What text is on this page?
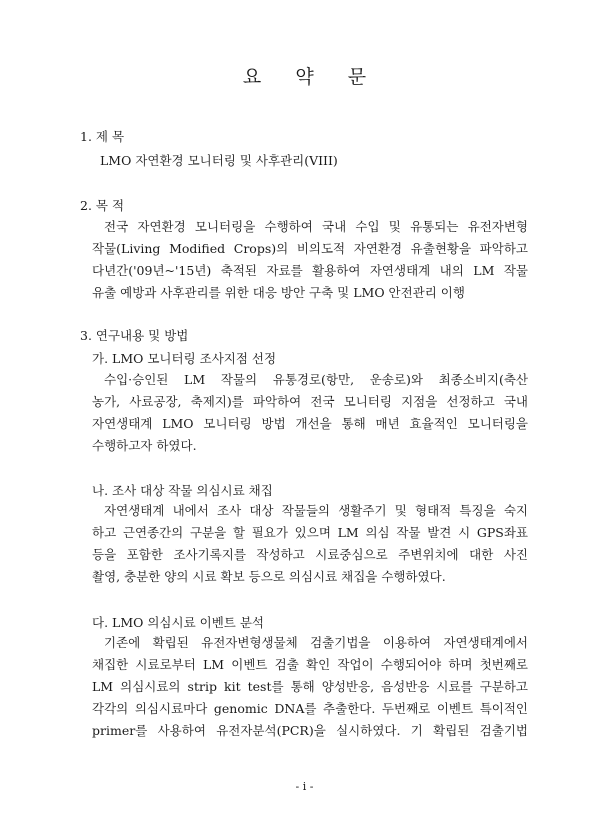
요 약 문
1. 제 목
LMO 자연환경 모니터링 및 사후관리(VIII)
2. 목 적
전국 자연환경 모니터링을 수행하여 국내 수입 및 유통되는 유전자변형
작물(Living Modified Crops)의 비의도적 자연환경 유출현황을 파악하고
다년간('09년~'15년) 축적된 자료를 활용하여 자연생태계 내의 LM 작물
유출 예방과 사후관리를 위한 대응 방안 구축 및 LMO 안전관리 이행
3. 연구내용 및 방법
가. LMO 모니터링 조사지점 선정
수입·승인된 LM 작물의 유통경로(항만, 운송로)와 최종소비지(축산
농가, 사료공장, 축제지)를 파악하여 전국 모니터링 지점을 선정하고 국내
자연생태계 LMO 모니터링 방법 개선을 통해 매년 효율적인 모니터링을
수행하고자 하였다.
나. 조사 대상 작물 의심시료 채집
자연생태계 내에서 조사 대상 작물들의 생활주기 및 형태적 특징을 숙지
하고 근연종간의 구분을 할 필요가 있으며 LM 의심 작물 발견 시 GPS좌표
등을 포함한 조사기록지를 작성하고 시료중심으로 주변위치에 대한 사진
촬영, 충분한 양의 시료 확보 등으로 의심시료 채집을 수행하였다.
다. LMO 의심시료 이벤트 분석
기존에 확립된 유전자변형생물체 검출기법을 이용하여 자연생태계에서
채집한 시료로부터 LM 이벤트 검출 확인 작업이 수행되어야 하며 첫번째로
LM 의심시료의 strip kit test를 통해 양성반응, 음성반응 시료를 구분하고
각각의 의심시료마다 genomic DNA를 추출한다. 두번째로 이벤트 특이적인
primer를 사용하여 유전자분석(PCR)을 실시하였다. 기 확립된 검출기법
- i -
